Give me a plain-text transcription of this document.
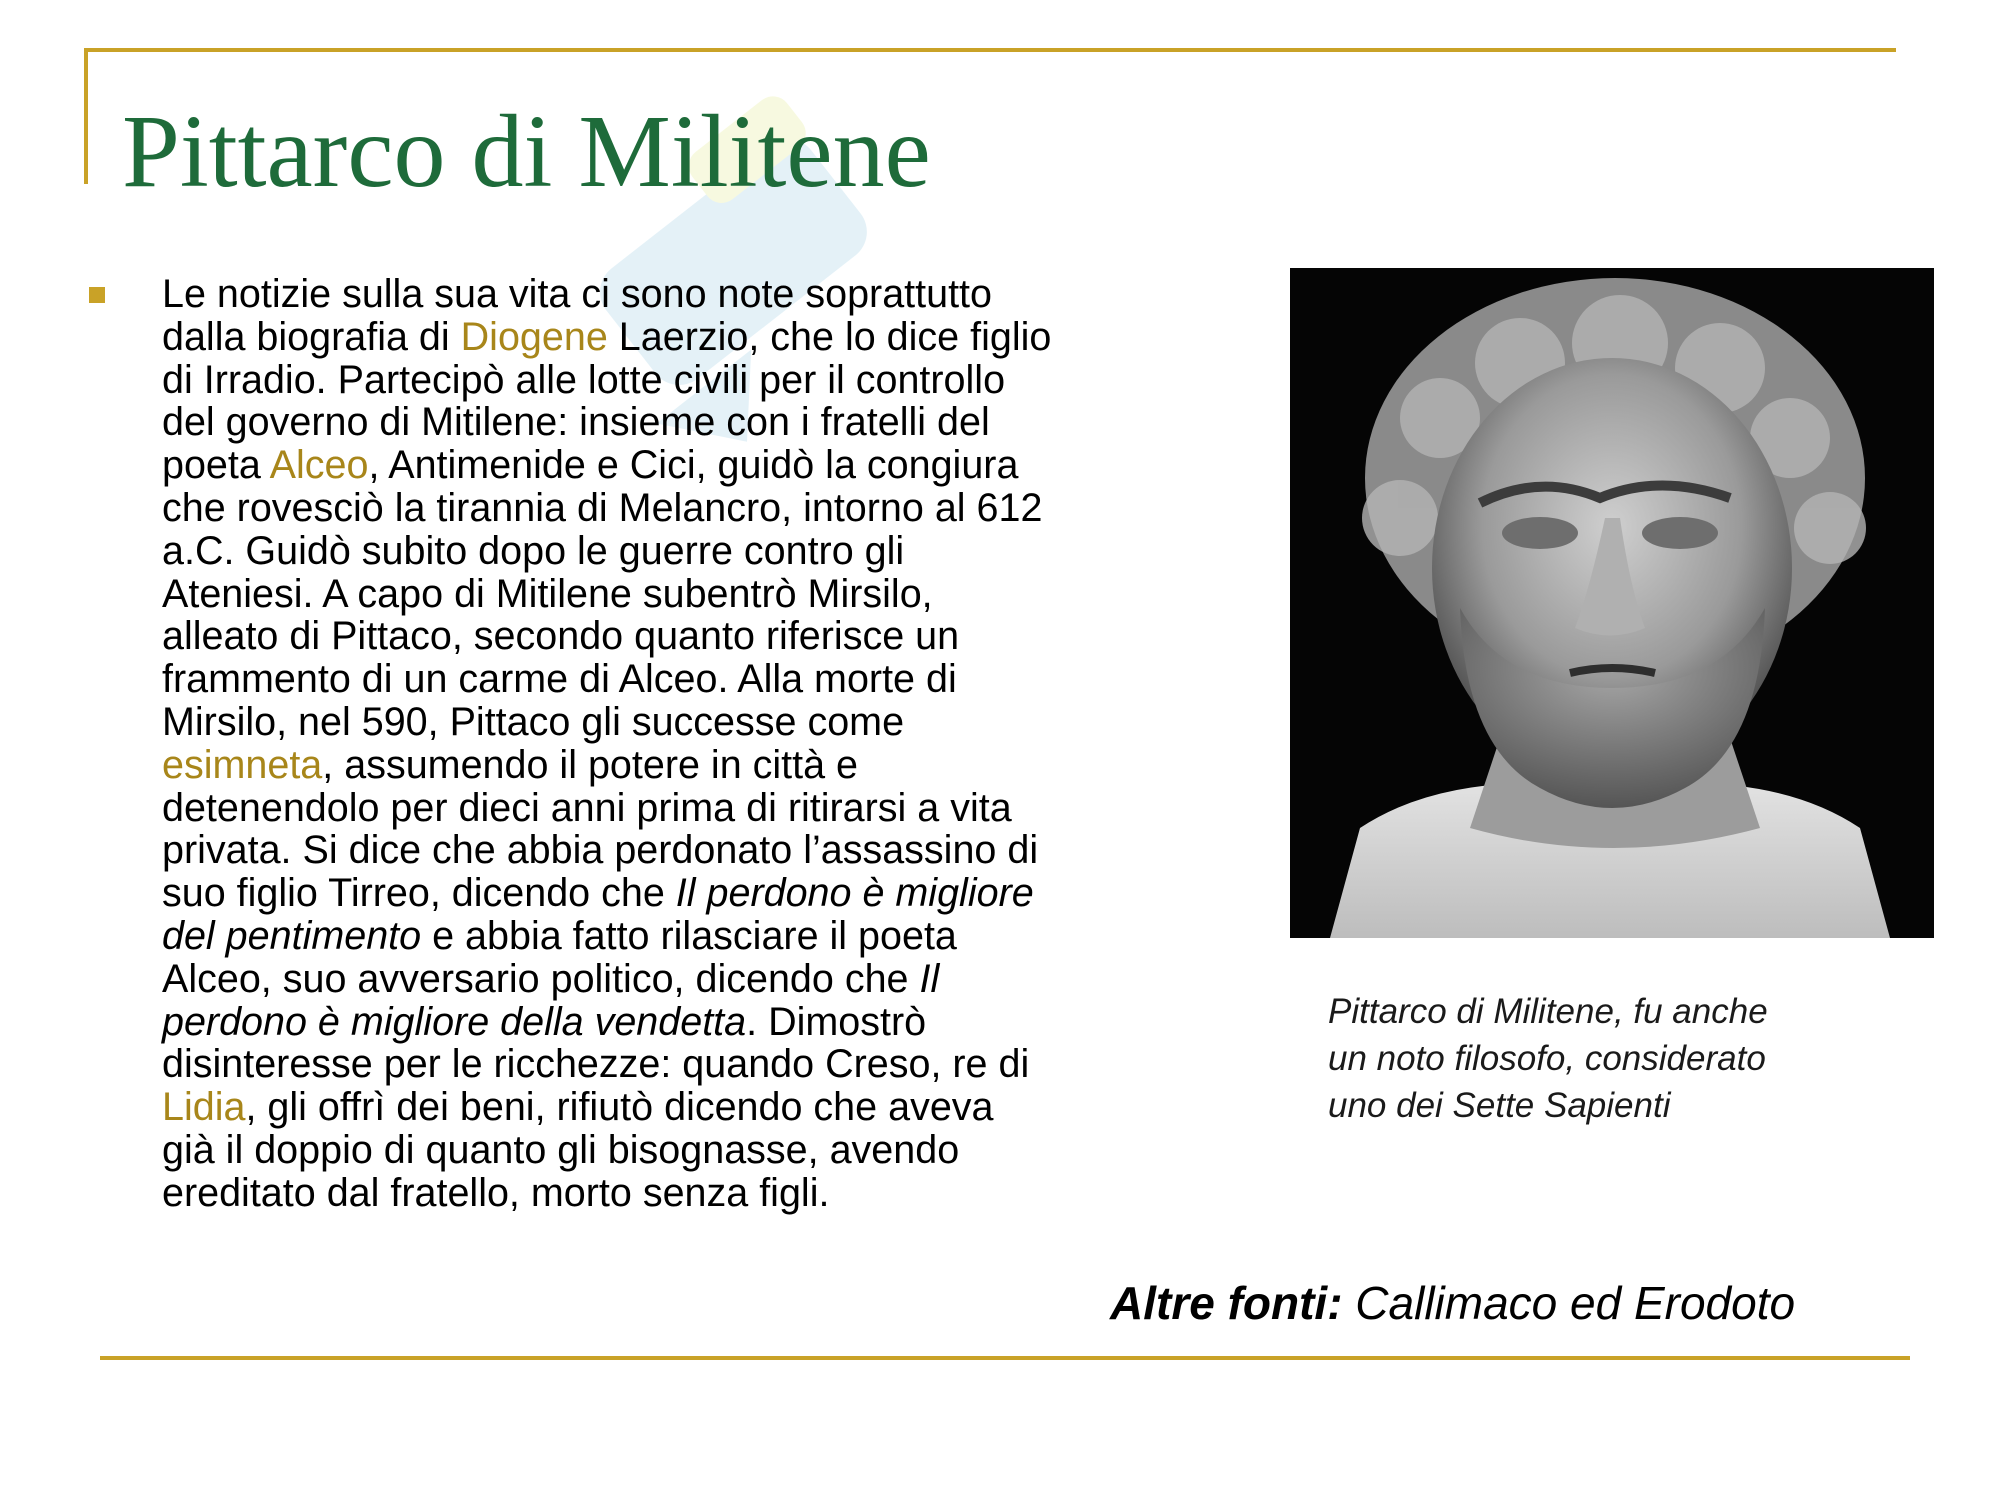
Pittarco di Militene
Le notizie sulla sua vita ci sono note soprattutto
dalla biografia di Diogene Laerzio, che lo dice figlio
di Irradio. Partecipò alle lotte civili per il controllo
del governo di Mitilene: insieme con i fratelli del
poeta Alceo, Antimenide e Cici, guidò la congiura
che rovesciò la tirannia di Melancro, intorno al 612
a.C. Guidò subito dopo le guerre contro gli
Ateniesi. A capo di Mitilene subentrò Mirsilo,
alleato di Pittaco, secondo quanto riferisce un
frammento di un carme di Alceo. Alla morte di
Mirsilo, nel 590, Pittaco gli successe come
esimneta, assumendo il potere in città e
detenendolo per dieci anni prima di ritirarsi a vita
privata. Si dice che abbia perdonato l’assassino di
suo figlio Tirreo, dicendo che Il perdono è migliore
del pentimento e abbia fatto rilasciare il poeta
Alceo, suo avversario politico, dicendo che Il
perdono è migliore della vendetta. Dimostrò
disinteresse per le ricchezze: quando Creso, re di
Lidia, gli offrì dei beni, rifiutò dicendo che aveva
già il doppio di quanto gli bisognasse, avendo
ereditato dal fratello, morto senza figli.
Pittarco di Militene, fu anche
un noto filosofo, considerato
uno dei Sette Sapienti
Altre fonti: Callimaco ed Erodoto
